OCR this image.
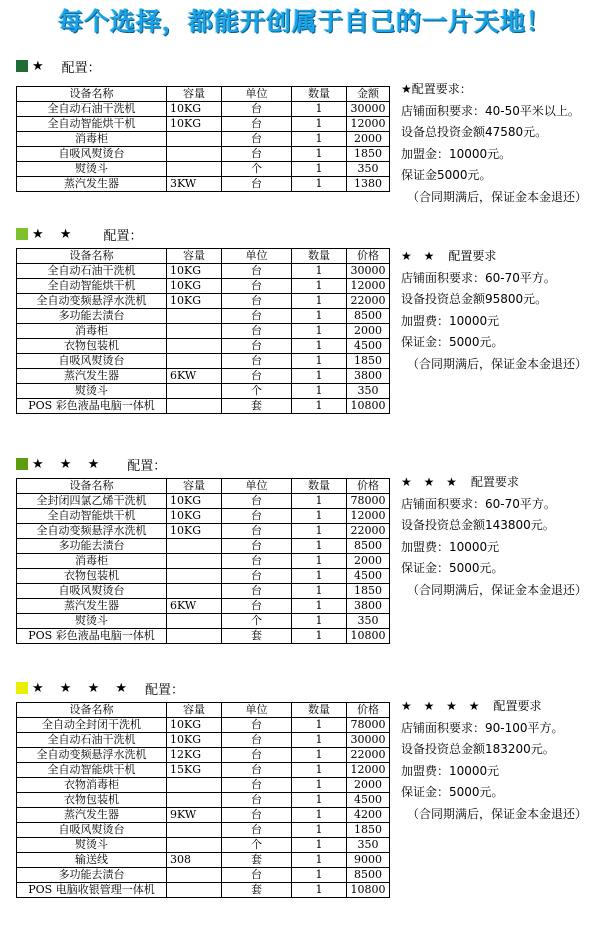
每个选择，都能开创属于自己的一片天地！
★ 配置：
设备名称	容量	单位	数量	金额
全自动石油干洗机	10KG	台	1	30000
全自动智能烘干机	10KG	台	1	12000
消毒柜		台	1	2000
自吸风熨烫台		台	1	1850
熨烫斗		个	1	350
蒸汽发生器	3KW	台	1	1380
★配置要求：
店铺面积要求：40-50平米以上。
设备总投资金额47580元。
加盟金：10000元。
保证金5000元。
（合同期满后，保证金本金退还）
★ ★ 配置：
设备名称	容量	单位	数量	价格
全自动石油干洗机	10KG	台	1	30000
全自动智能烘干机	10KG	台	1	12000
全自动变频悬浮水洗机	10KG	台	1	22000
多功能去渍台		台	1	8500
消毒柜		台	1	2000
衣物包装机		台	1	4500
自吸风熨烫台		台	1	1850
蒸汽发生器	6KW	台	1	3800
熨烫斗		个	1	350
POS 彩色液晶电脑一体机		套	1	10800
★ ★ 配置要求
店铺面积要求：60-70平方。
设备投资总金额95800元。
加盟费：10000元
保证金：5000元。
（合同期满后，保证金本金退还）
★ ★ ★ 配置：
设备名称	容量	单位	数量	价格
全封闭四氯乙烯干洗机	10KG	台	1	78000
全自动智能烘干机	10KG	台	1	12000
全自动变频悬浮水洗机	10KG	台	1	22000
多功能去渍台		台	1	8500
消毒柜		台	1	2000
衣物包装机		台	1	4500
自吸风熨烫台		台	1	1850
蒸汽发生器	6KW	台	1	3800
熨烫斗		个	1	350
POS 彩色液晶电脑一体机		套	1	10800
★ ★ ★ 配置要求
店铺面积要求：60-70平方。
设备投资总金额143800元。
加盟费：10000元
保证金：5000元。
（合同期满后，保证金本金退还）
★ ★ ★ ★ 配置：
设备名称	容量	单位	数量	价格
全自动全封闭干洗机	10KG	台	1	78000
全自动石油干洗机	10KG	台	1	30000
全自动变频悬浮水洗机	12KG	台	1	22000
全自动智能烘干机	15KG	台	1	12000
衣物消毒柜		台	1	2000
衣物包装机		台	1	4500
蒸汽发生器	9KW	台	1	4200
自吸风熨烫台		台	1	1850
熨烫斗		个	1	350
输送线	308	套	1	9000
多功能去渍台		台	1	8500
POS 电脑收银管理一体机		套	1	10800
★ ★ ★ ★ 配置要求
店铺面积要求：90-100平方。
设备投资总金额183200元。
加盟费：10000元
保证金：5000元。
（合同期满后，保证金本金退还）
